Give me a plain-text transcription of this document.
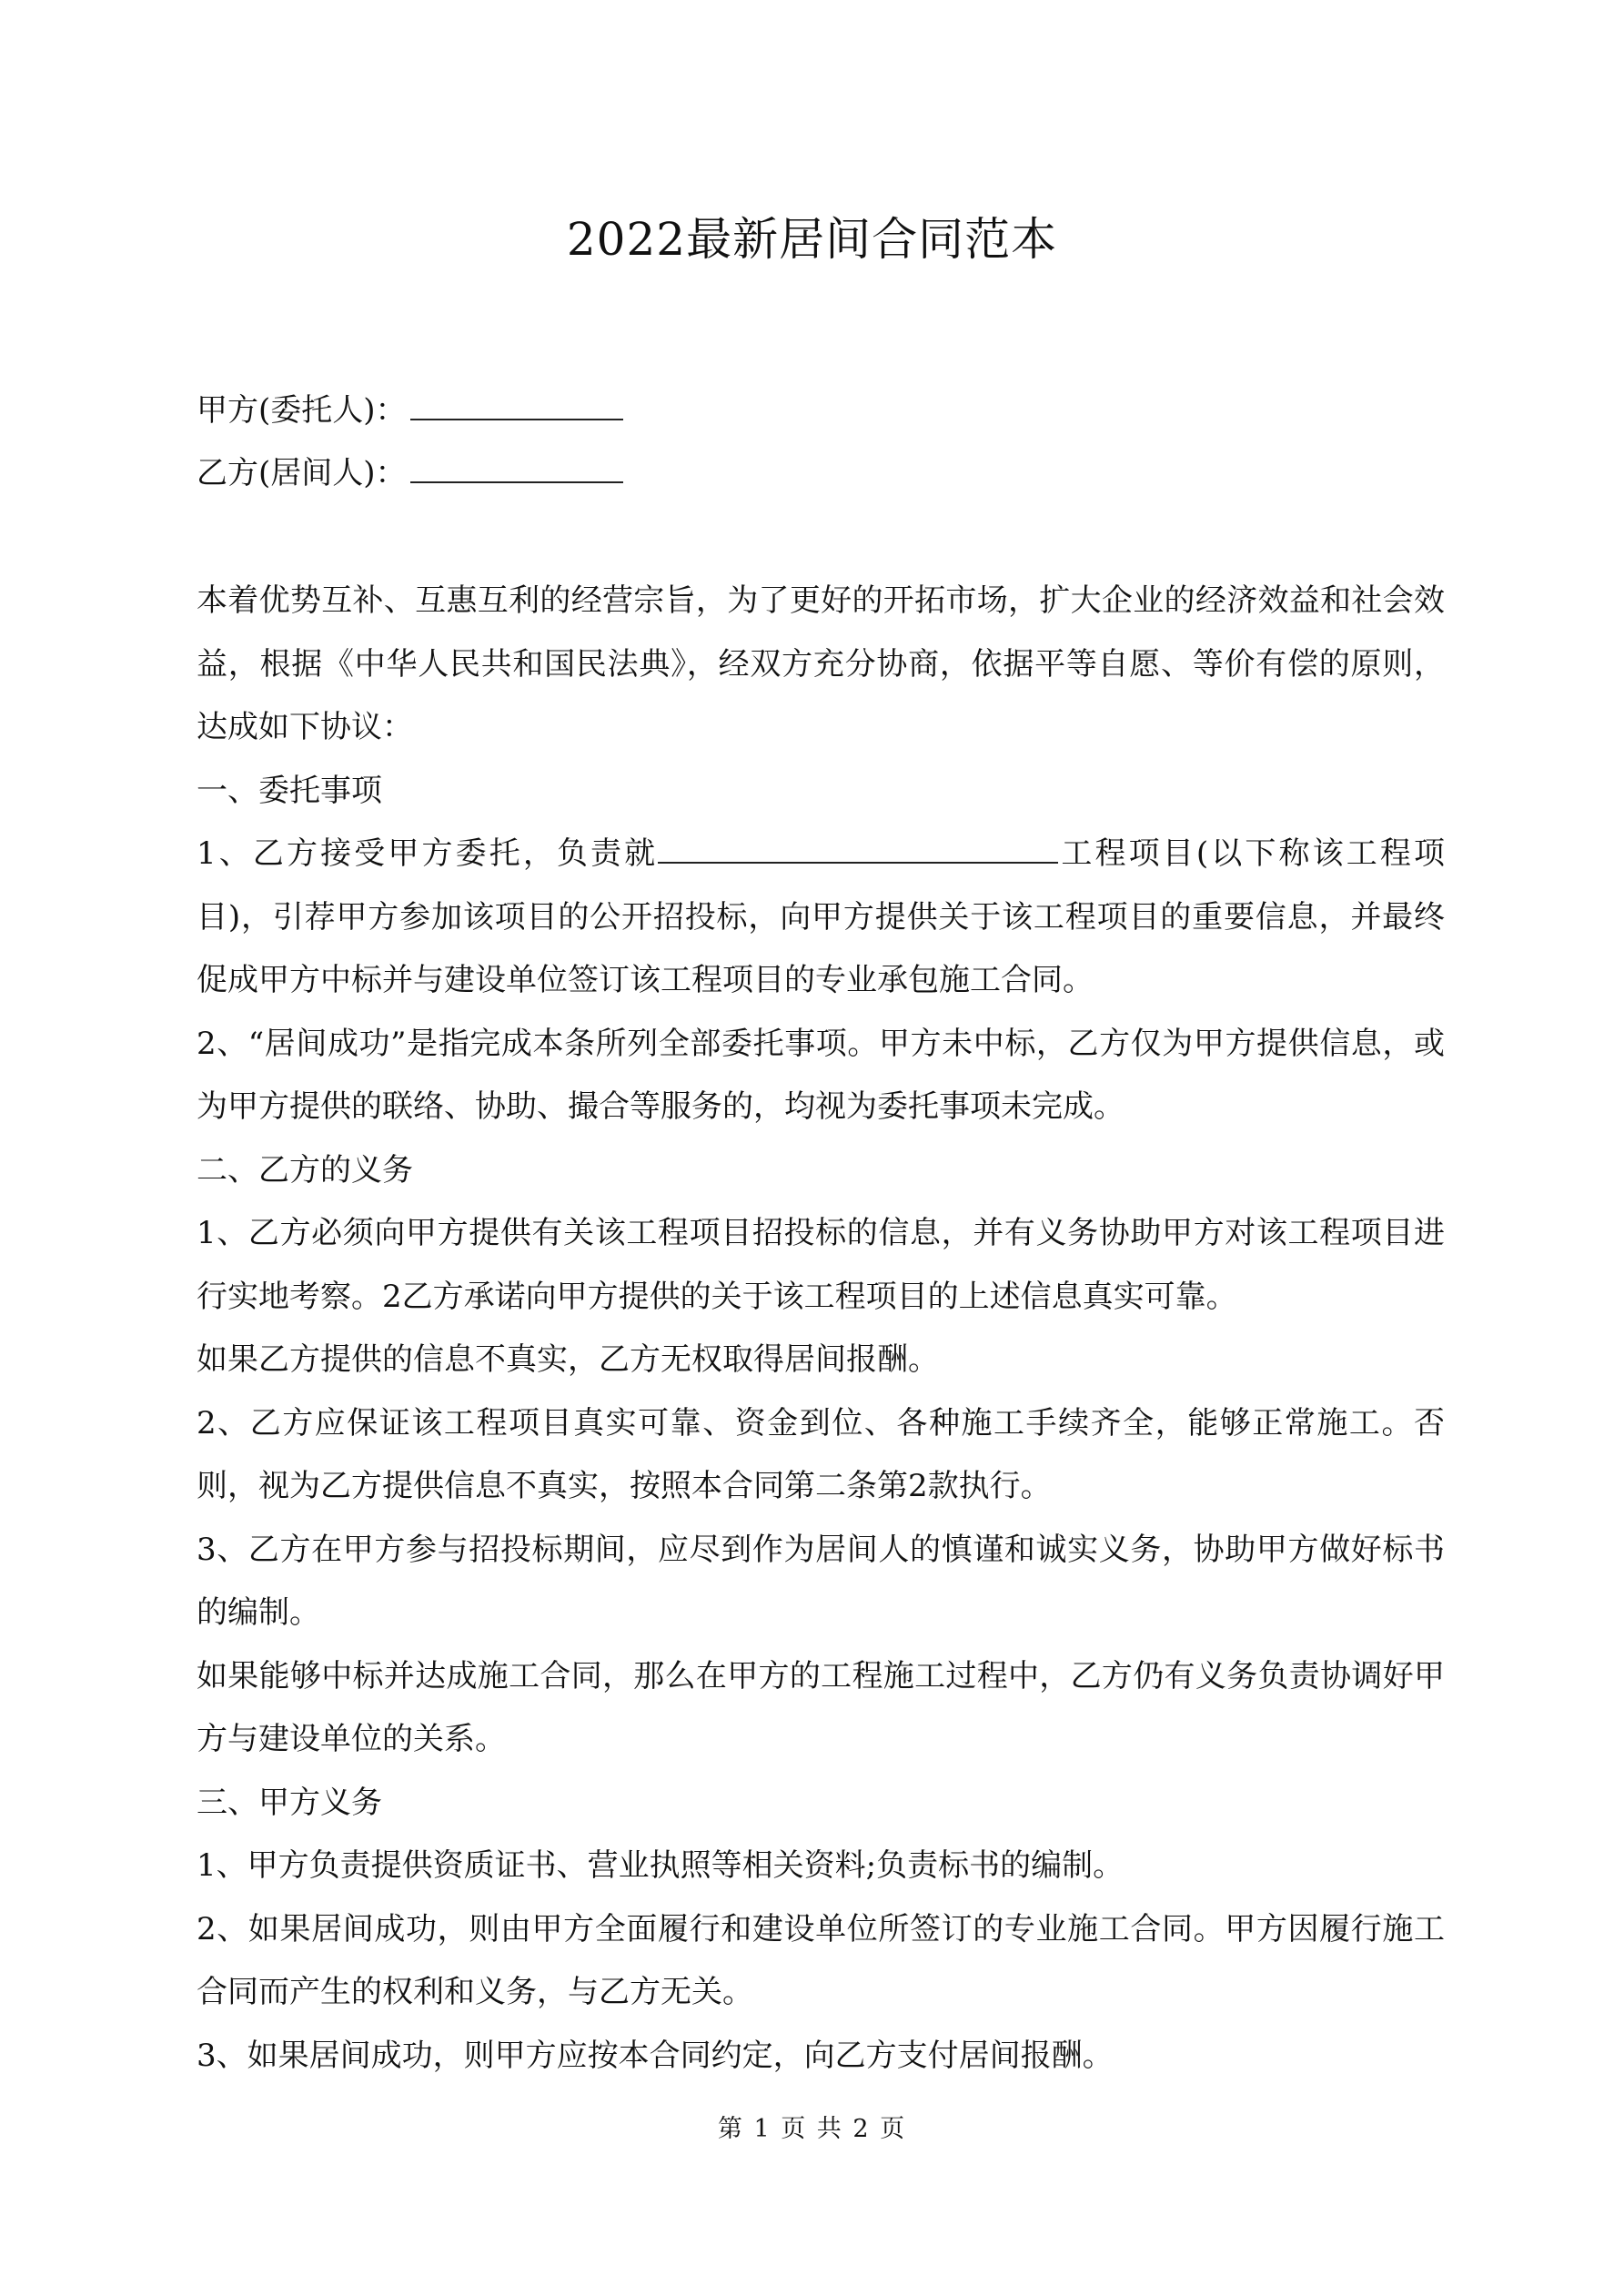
2022最新居间合同范本

甲方(委托人)：

乙方(居间人)：

本着优势互补、互惠互利的经营宗旨，为了更好的开拓市场，扩大企业的经济效益和社会效益，根据《中华人民共和国民法典》，经双方充分协商，依据平等自愿、等价有偿的原则，达成如下协议：

一、委托事项

1、乙方接受甲方委托，负责就	工程项目(以下称该工程项目)，引荐甲方参加该项目的公开招投标，向甲方提供关于该工程项目的重要信息，并最终促成甲方中标并与建设单位签订该工程项目的专业承包施工合同。

2、“居间成功”是指完成本条所列全部委托事项。甲方未中标，乙方仅为甲方提供信息，或为甲方提供的联络、协助、撮合等服务的，均视为委托事项未完成。

二、乙方的义务

1、乙方必须向甲方提供有关该工程项目招投标的信息，并有义务协助甲方对该工程项目进行实地考察。2乙方承诺向甲方提供的关于该工程项目的上述信息真实可靠。

如果乙方提供的信息不真实，乙方无权取得居间报酬。

2、乙方应保证该工程项目真实可靠、资金到位、各种施工手续齐全，能够正常施工。否则，视为乙方提供信息不真实，按照本合同第二条第2款执行。

3、乙方在甲方参与招投标期间，应尽到作为居间人的慎谨和诚实义务，协助甲方做好标书的编制。

如果能够中标并达成施工合同，那么在甲方的工程施工过程中，乙方仍有义务负责协调好甲方与建设单位的关系。

三、甲方义务

1、甲方负责提供资质证书、营业执照等相关资料;负责标书的编制。

2、如果居间成功，则由甲方全面履行和建设单位所签订的专业施工合同。甲方因履行施工合同而产生的权利和义务，与乙方无关。

3、如果居间成功，则甲方应按本合同约定，向乙方支付居间报酬。

第 1 页 共 2 页
